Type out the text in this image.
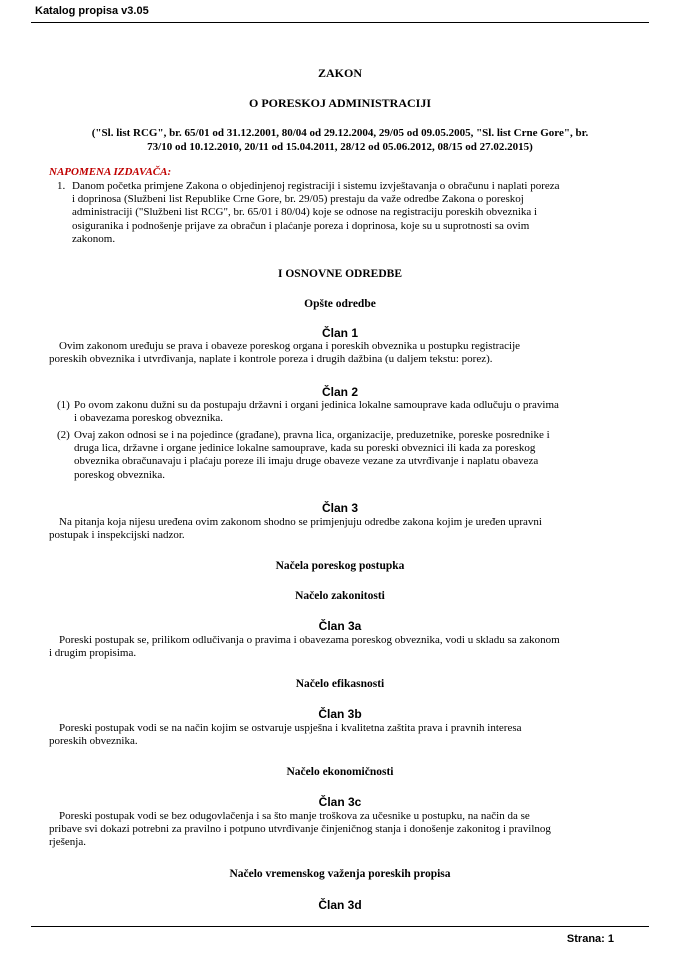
Katalog propisa v3.05
ZAKON
O PORESKOJ ADMINISTRACIJI
("Sl. list RCG", br. 65/01 od 31.12.2001, 80/04 od 29.12.2004, 29/05 od 09.05.2005, "Sl. list Crne Gore", br.
73/10 od 10.12.2010, 20/11 od 15.04.2011, 28/12 od 05.06.2012, 08/15 od 27.02.2015)
NAPOMENA IZDAVAČA:
1. Danom početka primjene Zakona o objedinjenoj registraciji i sistemu izvještavanja o obračunu i naplati poreza
i doprinosa (Službeni list Republike Crne Gore, br. 29/05) prestaju da važe odredbe Zakona o poreskoj
administraciji ("Službeni list RCG", br. 65/01 i 80/04) koje se odnose na registraciju poreskih obveznika i
osiguranika i podnošenje prijave za obračun i plaćanje poreza i doprinosa, koje su u suprotnosti sa ovim
zakonom.
I OSNOVNE ODREDBE
Opšte odredbe
Član 1
Ovim zakonom uređuju se prava i obaveze poreskog organa i poreskih obveznika u postupku registracije
poreskih obveznika i utvrđivanja, naplate i kontrole poreza i drugih dažbina (u daljem tekstu: porez).
Član 2
(1) Po ovom zakonu dužni su da postupaju državni i organi jedinica lokalne samouprave kada odlučuju o pravima
i obavezama poreskog obveznika.
(2) Ovaj zakon odnosi se i na pojedince (građane), pravna lica, organizacije, preduzetnike, poreske posrednike i
druga lica, državne i organe jedinice lokalne samouprave, kada su poreski obveznici ili kada za poreskog
obveznika obračunavaju i plaćaju poreze ili imaju druge obaveze vezane za utvrđivanje i naplatu obaveza
poreskog obveznika.
Član 3
Na pitanja koja nijesu uređena ovim zakonom shodno se primjenjuju odredbe zakona kojim je uređen upravni
postupak i inspekcijski nadzor.
Načela poreskog postupka
Načelo zakonitosti
Član 3a
Poreski postupak se, prilikom odlučivanja o pravima i obavezama poreskog obveznika, vodi u skladu sa zakonom
i drugim propisima.
Načelo efikasnosti
Član 3b
Poreski postupak vodi se na način kojim se ostvaruje uspješna i kvalitetna zaštita prava i pravnih interesa
poreskih obveznika.
Načelo ekonomičnosti
Član 3c
Poreski postupak vodi se bez odugovlačenja i sa što manje troškova za učesnike u postupku, na način da se
pribave svi dokazi potrebni za pravilno i potpuno utvrđivanje činjeničnog stanja i donošenje zakonitog i pravilnog
rješenja.
Načelo vremenskog važenja poreskih propisa
Član 3d
Strana: 1
